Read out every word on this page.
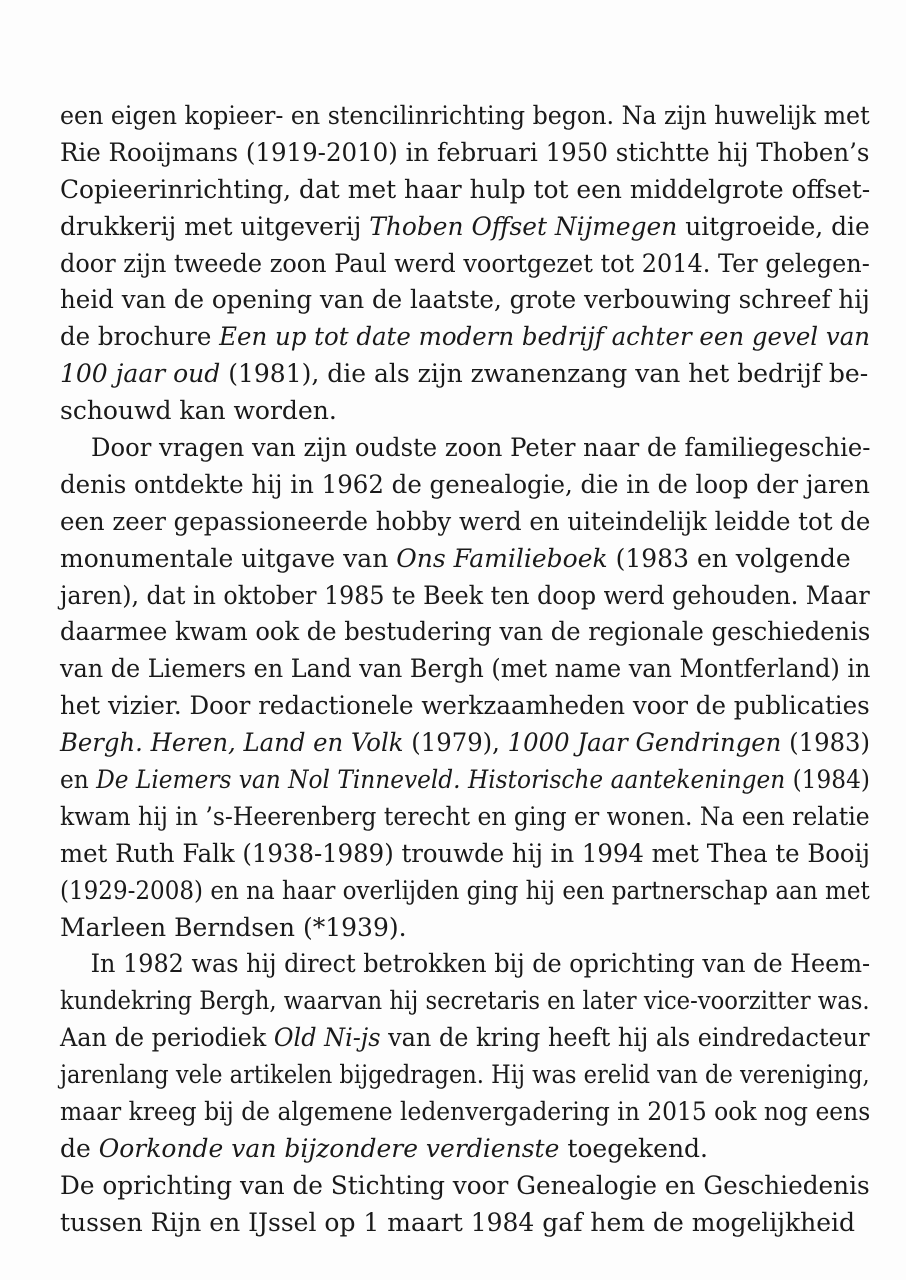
een eigen kopieer- en stencilinrichting begon. Na zijn huwelijk met
Rie Rooijmans (1919-2010) in februari 1950 stichtte hij Thoben’s
Copieerinrichting, dat met haar hulp tot een middelgrote offset-
drukkerij met uitgeverij Thoben Offset Nijmegen uitgroeide, die
door zijn tweede zoon Paul werd voortgezet tot 2014. Ter gelegen-
heid van de opening van de laatste, grote verbouwing schreef hij
de brochure Een up tot date modern bedrijf achter een gevel van
100 jaar oud (1981), die als zijn zwanenzang van het bedrijf be-
schouwd kan worden.
Door vragen van zijn oudste zoon Peter naar de familiegeschie-
denis ontdekte hij in 1962 de genealogie, die in de loop der jaren
een zeer gepassioneerde hobby werd en uiteindelijk leidde tot de
monumentale uitgave van Ons Familieboek (1983 en volgende
jaren), dat in oktober 1985 te Beek ten doop werd gehouden. Maar
daarmee kwam ook de bestudering van de regionale geschiedenis
van de Liemers en Land van Bergh (met name van Montferland) in
het vizier. Door redactionele werkzaamheden voor de publicaties
Bergh. Heren, Land en Volk (1979), 1000 Jaar Gendringen (1983)
en De Liemers van Nol Tinneveld. Historische aantekeningen (1984)
kwam hij in ’s-Heerenberg terecht en ging er wonen. Na een relatie
met Ruth Falk (1938-1989) trouwde hij in 1994 met Thea te Booij
(1929-2008) en na haar overlijden ging hij een partnerschap aan met
Marleen Berndsen (*1939).
In 1982 was hij direct betrokken bij de oprichting van de Heem-
kundekring Bergh, waarvan hij secretaris en later vice-voorzitter was.
Aan de periodiek Old Ni-js van de kring heeft hij als eindredacteur
jarenlang vele artikelen bijgedragen. Hij was erelid van de vereniging,
maar kreeg bij de algemene ledenvergadering in 2015 ook nog eens
de Oorkonde van bijzondere verdienste toegekend.
De oprichting van de Stichting voor Genealogie en Geschiedenis
tussen Rijn en IJssel op 1 maart 1984 gaf hem de mogelijkheid
